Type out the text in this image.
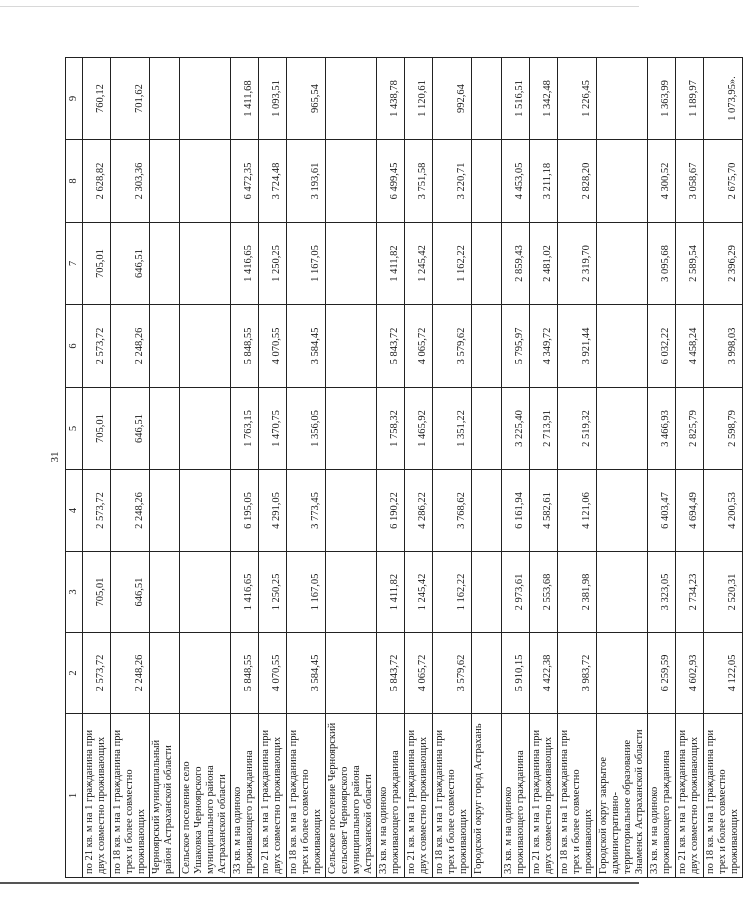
31
1	2	3	4	5	6	7	8	9
по 21 кв. м на 1 гражданина при двух совместно проживающих	2 573,72	705,01	2 573,72	705,01	2 573,72	705,01	2 628,82	760,12
по 18 кв. м на 1 гражданина при трех и более совместно проживающих	2 248,26	646,51	2 248,26	646,51	2 248,26	646,51	2 303,36	701,62
Черноярский муниципальный район Астраханской области								
Сельское поселение село Ушаковка Черноярского муниципального района Астраханской области								
33 кв. м на одиноко проживающего гражданина	5 848,55	1 416,65	6 195,05	1 763,15	5 848,55	1 416,65	6 472,35	1 411,68
по 21 кв. м на 1 гражданина при двух совместно проживающих	4 070,55	1 250,25	4 291,05	1 470,75	4 070,55	1 250,25	3 724,48	1 093,51
по 18 кв. м на 1 гражданина при трех и более совместно проживающих	3 584,45	1 167,05	3 773,45	1 356,05	3 584,45	1 167,05	3 193,61	965,54
Сельское поселение Черноярский сельсовет Черноярского муниципального района Астраханской области								
33 кв. м на одиноко проживающего гражданина	5 843,72	1 411,82	6 190,22	1 758,32	5 843,72	1 411,82	6 499,45	1 438,78
по 21 кв. м на 1 гражданина при двух совместно проживающих	4 065,72	1 245,42	4 286,22	1 465,92	4 065,72	1 245,42	3 751,58	1 120,61
по 18 кв. м на 1 гражданина при трех и более совместно проживающих	3 579,62	1 162,22	3 768,62	1 351,22	3 579,62	1 162,22	3 220,71	992,64
Городской округ город Астрахань								
33 кв. м на одиноко проживающего гражданина	5 910,15	2 973,61	6 161,94	3 225,40	5 795,97	2 859,43	4 453,05	1 516,51
по 21 кв. м на 1 гражданина при двух совместно проживающих	4 422,38	2 553,68	4 582,61	2 713,91	4 349,72	2 481,02	3 211,18	1 342,48
по 18 кв. м на 1 гражданина при трех и более совместно проживающих	3 983,72	2 381,98	4 121,06	2 519,32	3 921,44	2 319,70	2 828,20	1 226,45
Городской округ закрытое административно-территориальное образование Знаменск Астраханской области								
33 кв. м на одиноко проживающего гражданина	6 259,59	3 323,05	6 403,47	3 466,93	6 032,22	3 095,68	4 300,52	1 363,99
по 21 кв. м на 1 гражданина при двух совместно проживающих	4 602,93	2 734,23	4 694,49	2 825,79	4 458,24	2 589,54	3 058,67	1 189,97
по 18 кв. м на 1 гражданина при трех и более совместно проживающих	4 122,05	2 520,31	4 200,53	2 598,79	3 998,03	2 396,29	2 675,70	1 073,95».
